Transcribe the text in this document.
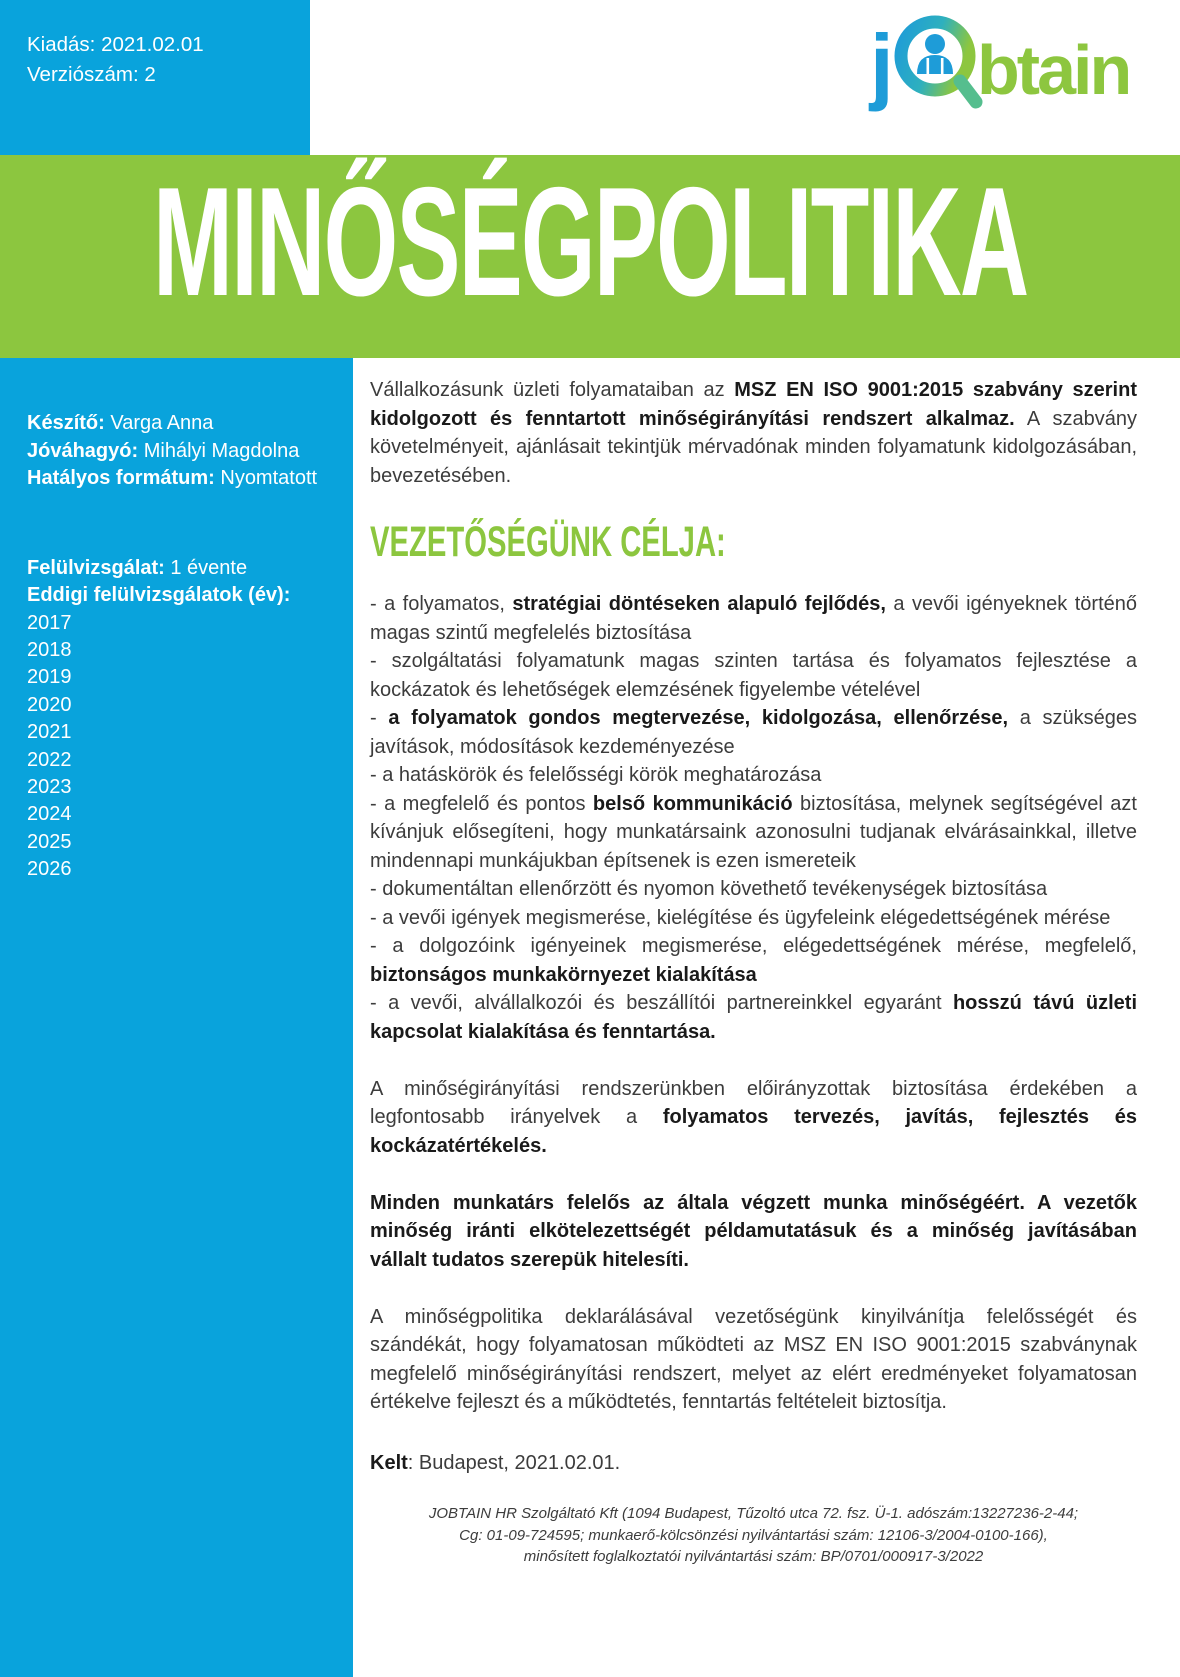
Kiadás: 2021.02.01
Verziószám: 2	j btain
MINŐSÉGPOLITIKA
Készítő: Varga Anna
Jóváhagyó: Mihályi Magdolna
Hatályos formátum: Nyomtatott
Felülvizsgálat: 1 évente
Eddigi felülvizsgálatok (év):
2017
2018
2019
2020
2021
2022
2023
2024
2025
2026

Vállalkozásunk üzleti folyamataiban az MSZ EN ISO 9001:2015 szabvány szerint kidolgozott és fenntartott minőségirányítási rendszert alkalmaz. A szabvány követelményeit, ajánlásait tekintjük mérvadónak minden folyamatunk kidolgozásában, bevezetésében.

VEZETŐSÉGÜNK CÉLJA:

- a folyamatos, stratégiai döntéseken alapuló fejlődés, a vevői igényeknek történő magas szintű megfelelés biztosítása

- szolgáltatási folyamatunk magas szinten tartása és folyamatos fejlesztése a kockázatok és lehetőségek elemzésének figyelembe vételével

- a folyamatok gondos megtervezése, kidolgozása, ellenőrzése, a szükséges javítások, módosítások kezdeményezése

- a hatáskörök és felelősségi körök meghatározása

- a megfelelő és pontos belső kommunikáció biztosítása, melynek segítségével azt kívánjuk elősegíteni, hogy munkatársaink azonosulni tudjanak elvárásainkkal, illetve mindennapi munkájukban építsenek is ezen ismereteik

- dokumentáltan ellenőrzött és nyomon követhető tevékenységek biztosítása

- a vevői igények megismerése, kielégítése és ügyfeleink elégedettségének mérése

- a dolgozóink igényeinek megismerése, elégedettségének mérése, megfelelő, biztonságos munkakörnyezet kialakítása

- a vevői, alvállalkozói és beszállítói partnereinkkel egyaránt hosszú távú üzleti kapcsolat kialakítása és fenntartása.

A minőségirányítási rendszerünkben előirányzottak biztosítása érdekében a legfontosabb irányelvek a folyamatos tervezés, javítás, fejlesztés és kockázatértékelés.

Minden munkatárs felelős az általa végzett munka minőségéért. A vezetők minőség iránti elkötelezettségét példamutatásuk és a minőség javításában vállalt tudatos szerepük hitelesíti.

A minőségpolitika deklarálásával vezetőségünk kinyilvánítja felelősségét és szándékát, hogy folyamatosan működteti az MSZ EN ISO 9001:2015 szabványnak megfelelő minőségirányítási rendszert, melyet az elért eredményeket folyamatosan értékelve fejleszt és a működtetés, fenntartás feltételeit biztosítja.

Kelt: Budapest, 2021.02.01.

JOBTAIN HR Szolgáltató Kft (1094 Budapest, Tűzoltó utca 72. fsz. Ü-1. adószám:13227236-2-44;
Cg: 01-09-724595; munkaerő-kölcsönzési nyilvántartási szám: 12106-3/2004-0100-166),
minősített foglalkoztatói nyilvántartási szám: BP/0701/000917-3/2022
